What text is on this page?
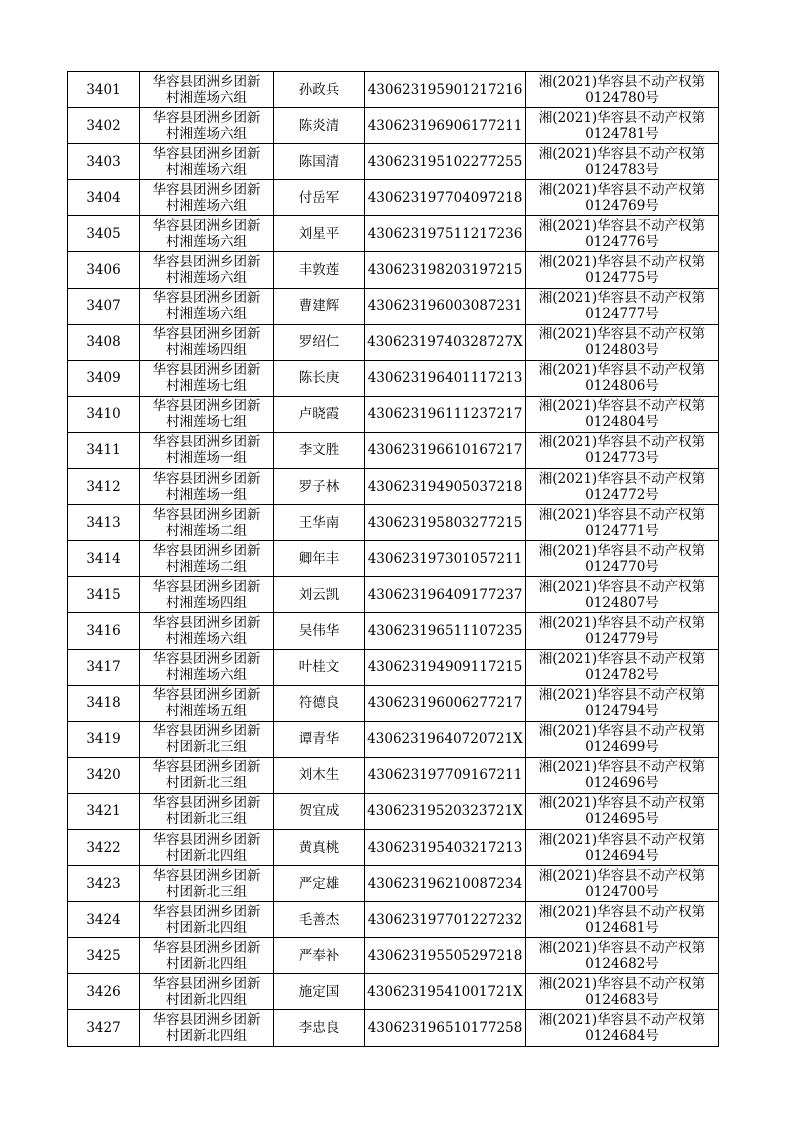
3401	华容县团洲乡团新
村湘莲场六组	孙政兵	430623195901217216	湘(2021)华容县不动产权第
0124780号

3402	华容县团洲乡团新
村湘莲场六组	陈炎清	430623196906177211	湘(2021)华容县不动产权第
0124781号

3403	华容县团洲乡团新
村湘莲场六组	陈国清	430623195102277255	湘(2021)华容县不动产权第
0124783号

3404	华容县团洲乡团新
村湘莲场六组	付岳军	430623197704097218	湘(2021)华容县不动产权第
0124769号

3405	华容县团洲乡团新
村湘莲场六组	刘星平	430623197511217236	湘(2021)华容县不动产权第
0124776号

3406	华容县团洲乡团新
村湘莲场六组	丰敦莲	430623198203197215	湘(2021)华容县不动产权第
0124775号

3407	华容县团洲乡团新
村湘莲场六组	曹建辉	430623196003087231	湘(2021)华容县不动产权第
0124777号

3408	华容县团洲乡团新
村湘莲场四组	罗绍仁	43062319740328727X	湘(2021)华容县不动产权第
0124803号

3409	华容县团洲乡团新
村湘莲场七组	陈长庚	430623196401117213	湘(2021)华容县不动产权第
0124806号

3410	华容县团洲乡团新
村湘莲场七组	卢晓霞	430623196111237217	湘(2021)华容县不动产权第
0124804号

3411	华容县团洲乡团新
村湘莲场一组	李文胜	430623196610167217	湘(2021)华容县不动产权第
0124773号

3412	华容县团洲乡团新
村湘莲场一组	罗子林	430623194905037218	湘(2021)华容县不动产权第
0124772号

3413	华容县团洲乡团新
村湘莲场二组	王华南	430623195803277215	湘(2021)华容县不动产权第
0124771号

3414	华容县团洲乡团新
村湘莲场二组	卿年丰	430623197301057211	湘(2021)华容县不动产权第
0124770号

3415	华容县团洲乡团新
村湘莲场四组	刘云凯	430623196409177237	湘(2021)华容县不动产权第
0124807号

3416	华容县团洲乡团新
村湘莲场六组	吴伟华	430623196511107235	湘(2021)华容县不动产权第
0124779号

3417	华容县团洲乡团新
村湘莲场六组	叶桂文	430623194909117215	湘(2021)华容县不动产权第
0124782号

3418	华容县团洲乡团新
村湘莲场五组	符德良	430623196006277217	湘(2021)华容县不动产权第
0124794号

3419	华容县团洲乡团新
村团新北三组	谭青华	43062319640720721X	湘(2021)华容县不动产权第
0124699号

3420	华容县团洲乡团新
村团新北三组	刘木生	430623197709167211	湘(2021)华容县不动产权第
0124696号

3421	华容县团洲乡团新
村团新北三组	贺宜成	43062319520323721X	湘(2021)华容县不动产权第
0124695号

3422	华容县团洲乡团新
村团新北四组	黄真桃	430623195403217213	湘(2021)华容县不动产权第
0124694号

3423	华容县团洲乡团新
村团新北三组	严定雄	430623196210087234	湘(2021)华容县不动产权第
0124700号

3424	华容县团洲乡团新
村团新北四组	毛善杰	430623197701227232	湘(2021)华容县不动产权第
0124681号

3425	华容县团洲乡团新
村团新北四组	严奉补	430623195505297218	湘(2021)华容县不动产权第
0124682号

3426	华容县团洲乡团新
村团新北四组	施定国	43062319541001721X	湘(2021)华容县不动产权第
0124683号

3427	华容县团洲乡团新
村团新北四组	李忠良	430623196510177258	湘(2021)华容县不动产权第
0124684号
